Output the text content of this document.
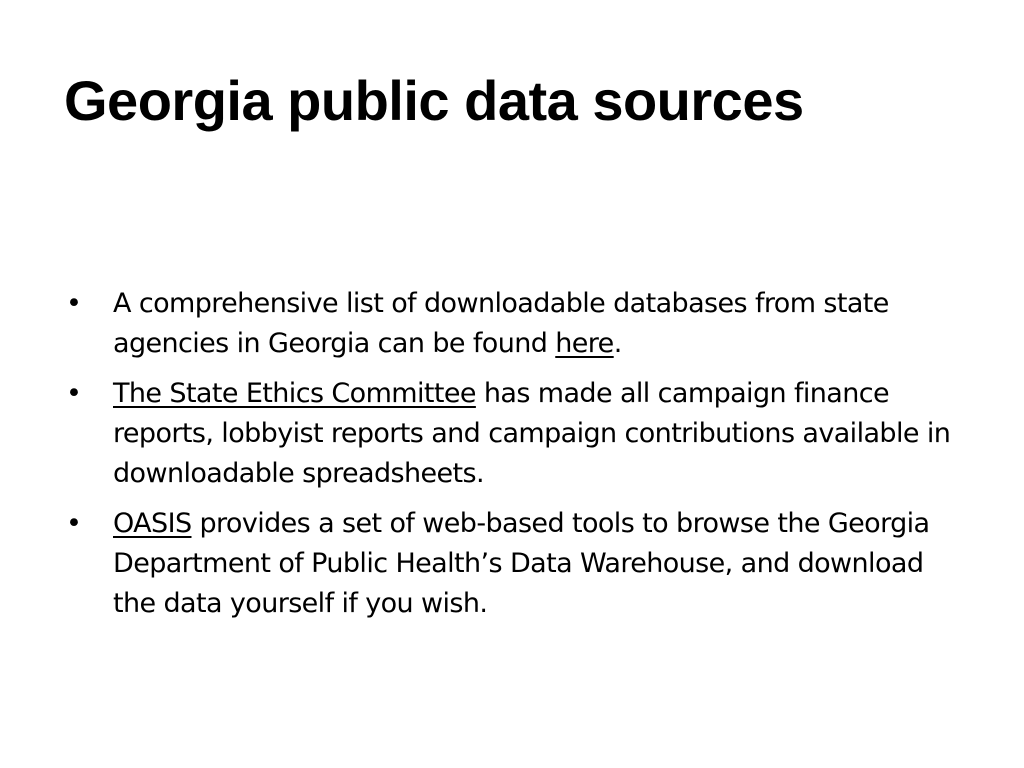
Georgia public data sources
• A comprehensive list of downloadable databases from state agencies in Georgia can be found here.
• The State Ethics Committee has made all campaign finance reports, lobbyist reports and campaign contributions available in downloadable spreadsheets.
• OASIS provides a set of web-based tools to browse the Georgia Department of Public Health’s Data Warehouse, and download the data yourself if you wish.
